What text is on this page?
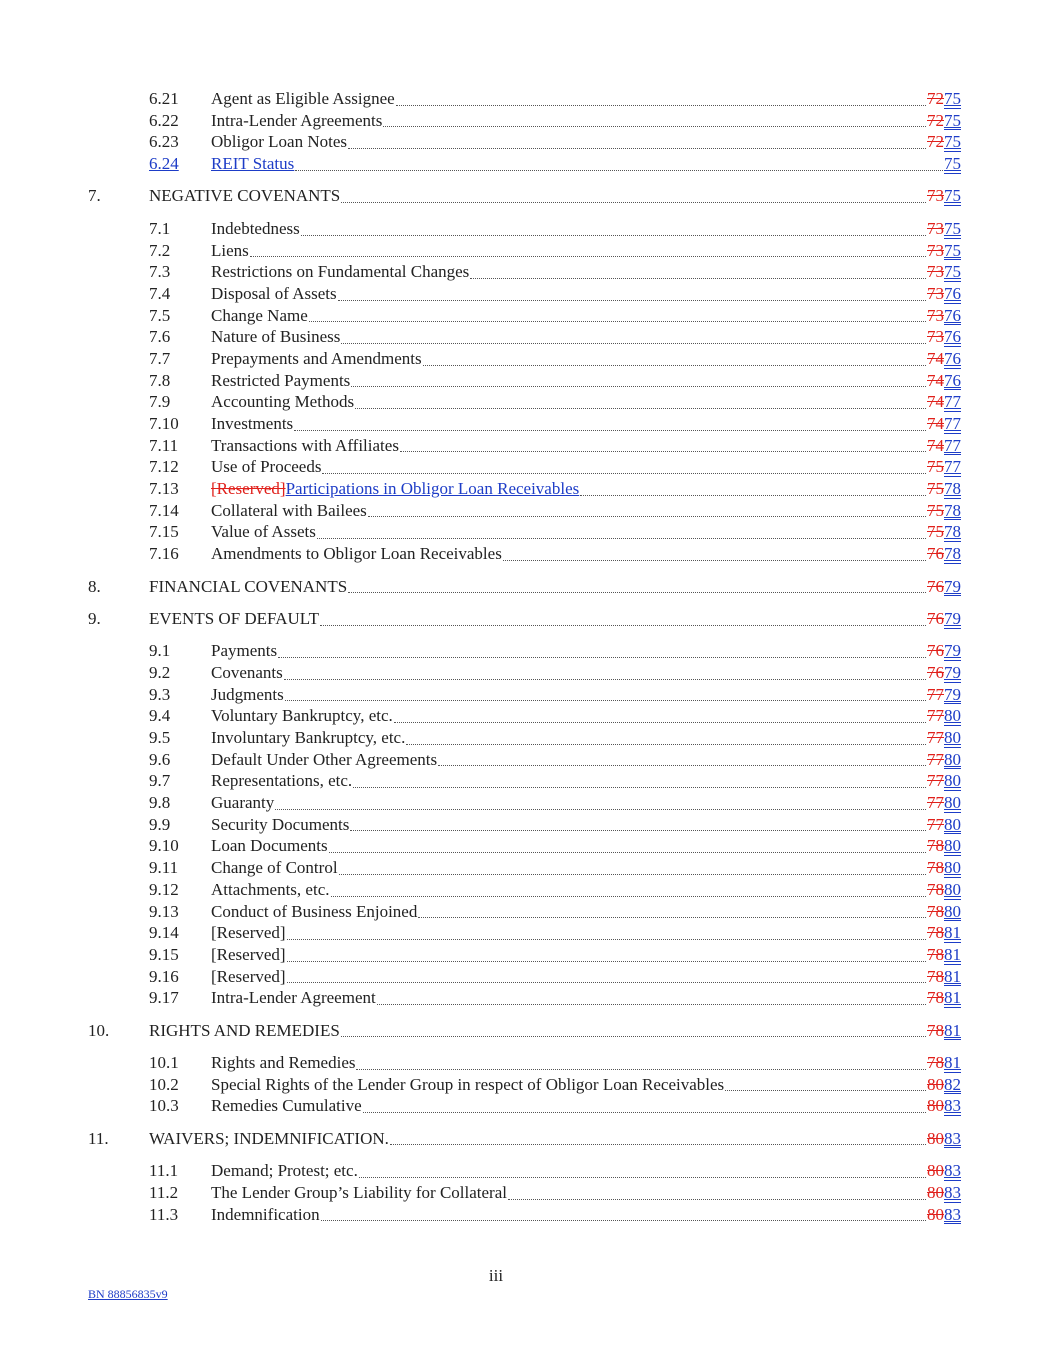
6.21 Agent as Eligible Assignee	7275
6.22 Intra-Lender Agreements	7275
6.23 Obligor Loan Notes	7275
6.24 REIT Status	75
7.	NEGATIVE COVENANTS	7375
7.1 Indebtedness	7375
7.2 Liens	7375
7.3 Restrictions on Fundamental Changes	7375
7.4 Disposal of Assets	7376
7.5 Change Name	7376
7.6 Nature of Business	7376
7.7 Prepayments and Amendments	7476
7.8 Restricted Payments	7476
7.9 Accounting Methods	7477
7.10 Investments	7477
7.11 Transactions with Affiliates	7477
7.12 Use of Proceeds	7577
7.13 [Reserved]Participations in Obligor Loan Receivables	7578
7.14 Collateral with Bailees	7578
7.15 Value of Assets	7578
7.16 Amendments to Obligor Loan Receivables	7678
8.	FINANCIAL COVENANTS	7679
9.	EVENTS OF DEFAULT	7679
9.1 Payments	7679
9.2 Covenants	7679
9.3 Judgments	7779
9.4 Voluntary Bankruptcy, etc.	7780
9.5 Involuntary Bankruptcy, etc.	7780
9.6 Default Under Other Agreements	7780
9.7 Representations, etc.	7780
9.8 Guaranty	7780
9.9 Security Documents	7780
9.10 Loan Documents	7880
9.11 Change of Control	7880
9.12 Attachments, etc.	7880
9.13 Conduct of Business Enjoined	7880
9.14 [Reserved]	7881
9.15 [Reserved]	7881
9.16 [Reserved]	7881
9.17 Intra-Lender Agreement	7881
10. RIGHTS AND REMEDIES	7881
10.1 Rights and Remedies	7881
10.2 Special Rights of the Lender Group in respect of Obligor Loan Receivables	8082
10.3 Remedies Cumulative	8083
11. WAIVERS; INDEMNIFICATION.	8083
11.1 Demand; Protest; etc.	8083
11.2 The Lender Group’s Liability for Collateral	8083
11.3 Indemnification	8083
iii
BN 88856835v9
